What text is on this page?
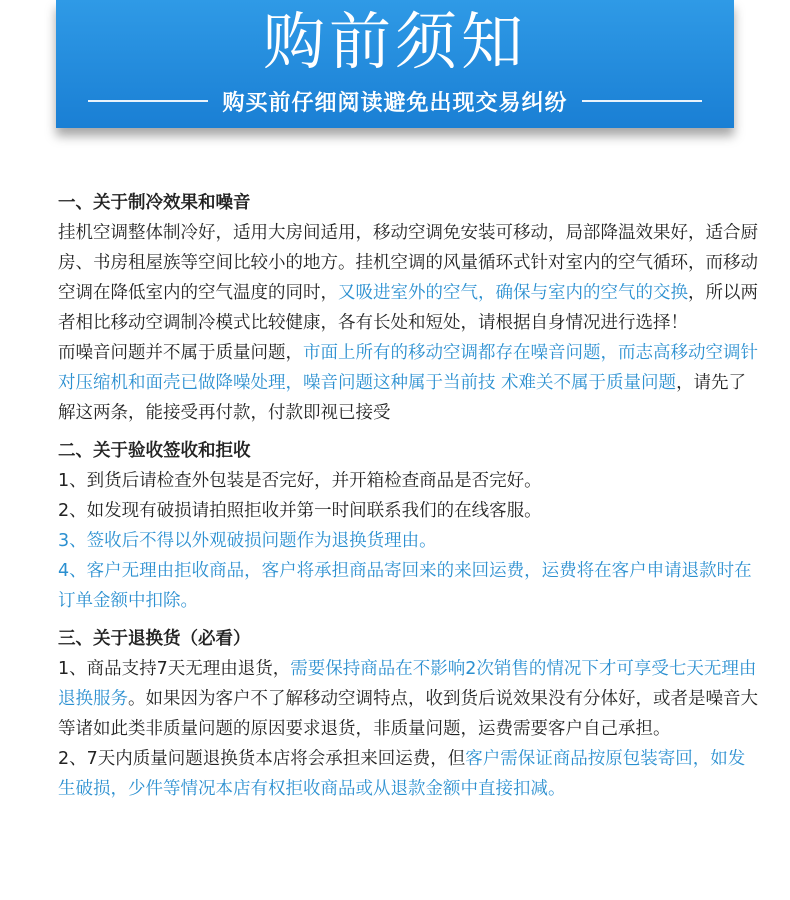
购前须知
购买前仔细阅读避免出现交易纠纷
一、关于制冷效果和噪音

挂机空调整体制冷好，适用大房间适用，移动空调免安装可移动，局部降温效果好，适合厨房、书房租屋族等空间比较小的地方。挂机空调的风量循环式针对室内的空气循环，而移动空调在降低室内的空气温度的同时，又吸进室外的空气，确保与室内的空气的交换，所以两者相比移动空调制冷模式比较健康，各有长处和短处，请根据自身情况进行选择！

而噪音问题并不属于质量问题，市面上所有的移动空调都存在噪音问题，而志高移动空调针对压缩机和面壳已做降噪处理，噪音问题这种属于当前技 术难关不属于质量问题，请先了解这两条，能接受再付款，付款即视已接受

二、关于验收签收和拒收

1、到货后请检查外包装是否完好，并开箱检查商品是否完好。

2、如发现有破损请拍照拒收并第一时间联系我们的在线客服。

3、签收后不得以外观破损问题作为退换货理由。

4、客户无理由拒收商品，客户将承担商品寄回来的来回运费，运费将在客户申请退款时在订单金额中扣除。

三、关于退换货（必看）

1、商品支持7天无理由退货，需要保持商品在不影响2次销售的情况下才可享受七天无理由退换服务。如果因为客户不了解移动空调特点，收到货后说效果没有分体好，或者是噪音大等诸如此类非质量问题的原因要求退货，非质量问题，运费需要客户自己承担。

2、7天内质量问题退换货本店将会承担来回运费，但客户需保证商品按原包装寄回，如发生破损，少件等情况本店有权拒收商品或从退款金额中直接扣减。
